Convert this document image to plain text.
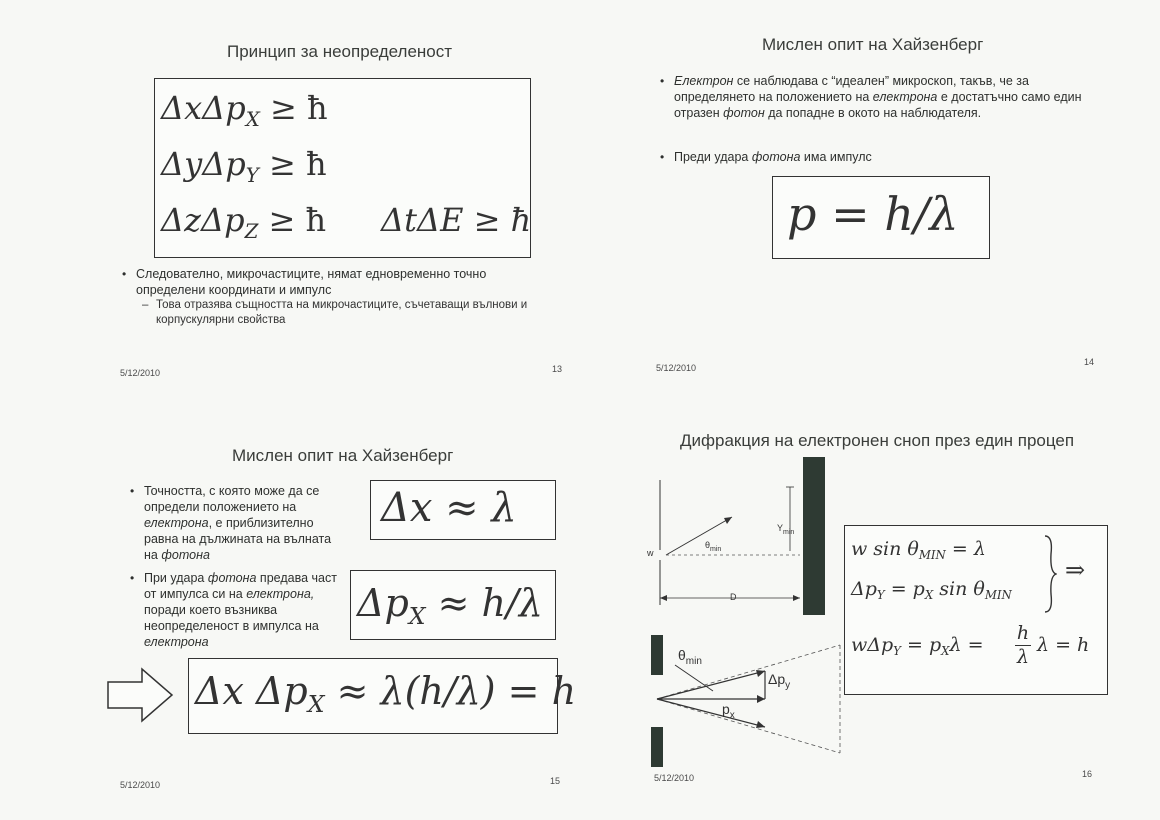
Принцип за неопределеност
ΔxΔp$_X$ ≥ ħ
ΔyΔp$_Y$ ≥ ħ
ΔzΔp$_Z$ ≥ ħ ΔtΔE ≥ ħ
• Следователно, микрочастиците, нямат едновременно точно определени координати и импулс
– Това отразява същността на микрочастиците, съчетаващи вълнови и корпускулярни свойства
5/12/2010	13
Мислен опит на Хайзенберг
• Електрон се наблюдава с “идеален” микроскоп, такъв, че за определянето на положението на електрона е достатъчно само един отразен фотон да попадне в окото на наблюдателя.
• Преди удара фотона има импулс
p = h/λ
5/12/2010
14
Мислен опит на Хайзенберг
• Точността, с която може да се определи положението на електрона, е приблизително равна на дължината на вълната на фотона
• При удара фотона предава част от импулса си на електрона, поради което възниква неопределеност в импулса на електрона
Δx ≈ λ
$\Delta p_X \approx h/\lambda$
Δx $\Delta p_X \approx \lambda(h/\lambda) = h$
5/12/2010	15
Дифракция на електронен сноп през един процеп
w
$\theta_{min}$
$Y_{min}$
D
$\theta_{min}$
$\Delta p_y$
$p_x$
w $\sin \theta_{MIN} = \lambda$
$\Delta p_Y = p_X$ $\sin \theta_{MIN}$
⇒
$w\Delta p_Y = p_X\lambda$ =
h
λ
λ = h
5/12/2010	16
